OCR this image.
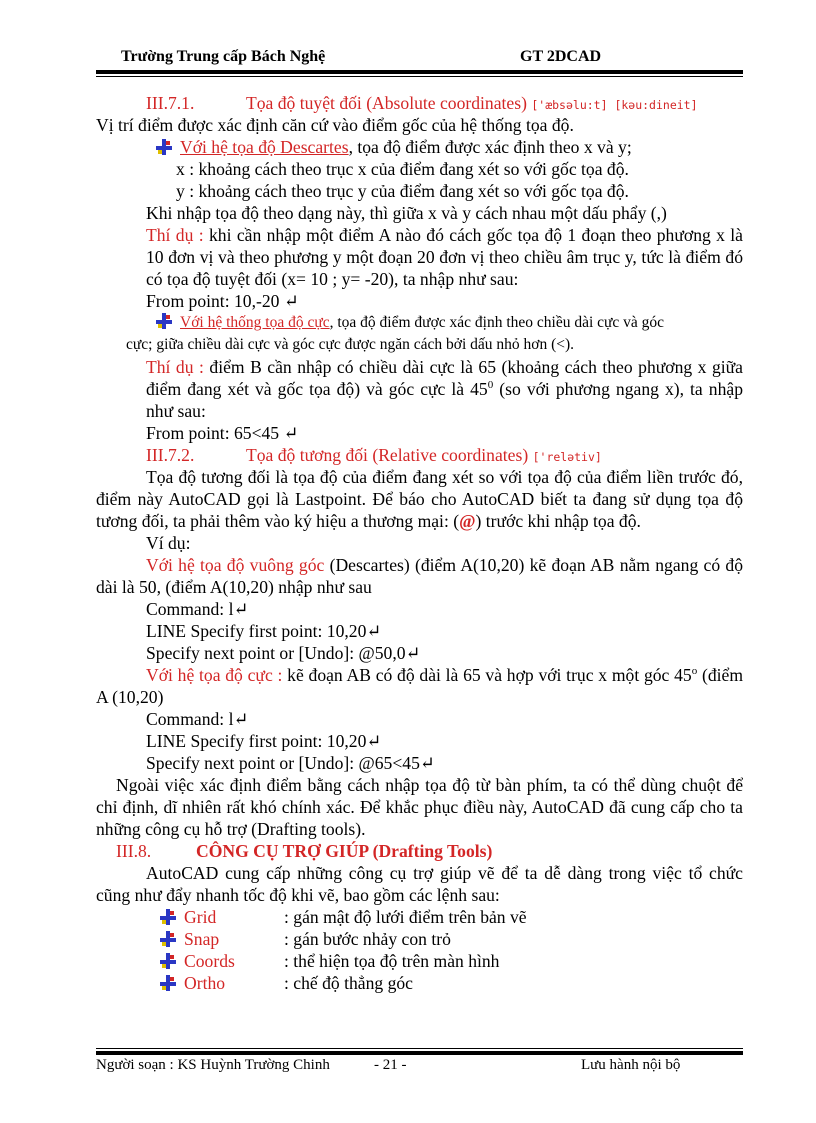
Trường Trung cấp Bách Nghệ	GT 2DCAD
III.7.1.	Tọa độ tuyệt đối (Absolute coordinates) ['æbsəlu:t] [kəu:dineit]
Vị trí điểm được xác định căn cứ vào điểm gốc của hệ thống tọa độ.
Với hệ tọa độ Descartes, tọa độ điểm được xác định theo x và y;
x : khoảng cách theo trục x của điểm đang xét so với gốc tọa độ.
y : khoảng cách theo trục y của điểm đang xét so với gốc tọa độ.
Khi nhập tọa độ theo dạng này, thì giữa x và y cách nhau một dấu phẩy (,)
Thí dụ : khi cần nhập một điểm A nào đó cách gốc tọa độ 1 đoạn theo phương x là 10 đơn vị và theo phương y một đoạn 20 đơn vị theo chiều âm trục y, tức là điểm đó có tọa độ tuyệt đối (x= 10 ; y= -20), ta nhập như sau:
From point: 10,-20 ↵
Với hệ thống tọa độ cực, tọa độ điểm được xác định theo chiều dài cực và góc
cực; giữa chiều dài cực và góc cực được ngăn cách bởi dấu nhỏ hơn (<).
Thí dụ : điểm B cần nhập có chiều dài cực là 65 (khoảng cách theo phương x giữa điểm đang xét và gốc tọa độ) và góc cực là $45^0$ (so với phương ngang x), ta nhập như sau:
From point: 65<45 ↵
III.7.2.	Tọa độ tương đối (Relative coordinates) ['relətiv]
Tọa độ tương đối là tọa độ của điểm đang xét so với tọa độ của điểm liền trước đó, điểm này AutoCAD gọi là Lastpoint. Để báo cho AutoCAD biết ta đang sử dụng tọa độ tương đối, ta phải thêm vào ký hiệu a thương mại: (@) trước khi nhập tọa độ.
Ví dụ:
Với hệ tọa độ vuông góc (Descartes) (điểm A(10,20) kẽ đoạn AB nằm ngang có độ dài là 50, (điểm A(10,20) nhập như sau
Command: l↵
LINE Specify first point: 10,20↵
Specify next point or [Undo]: @50,0↵
Với hệ tọa độ cực : kẽ đoạn AB có độ dài là 65 và hợp với trục x một góc 45$^o$ (điểm A (10,20)
Command: l↵
LINE Specify first point: 10,20↵
Specify next point or [Undo]: @65<45↵
Ngoài việc xác định điểm bằng cách nhập tọa độ từ bàn phím, ta có thể dùng chuột để chỉ định, dĩ nhiên rất khó chính xác. Để khắc phục điều này, AutoCAD đã cung cấp cho ta những công cụ hỗ trợ (Drafting tools).
III.8.	CÔNG CỤ TRỢ GIÚP (Drafting Tools)
AutoCAD cung cấp những công cụ trợ giúp vẽ để ta dễ dàng trong việc tổ chức cũng như đẩy nhanh tốc độ khi vẽ, bao gồm các lệnh sau:
Grid	: gán mật độ lưới điểm trên bản vẽ
Snap	: gán bước nhảy con trỏ
Coords	: thể hiện tọa độ trên màn hình
Ortho	: chế độ thẳng góc
Người soạn : KS Huỳnh Trường Chinh	- 21 -	Lưu hành nội bộ
